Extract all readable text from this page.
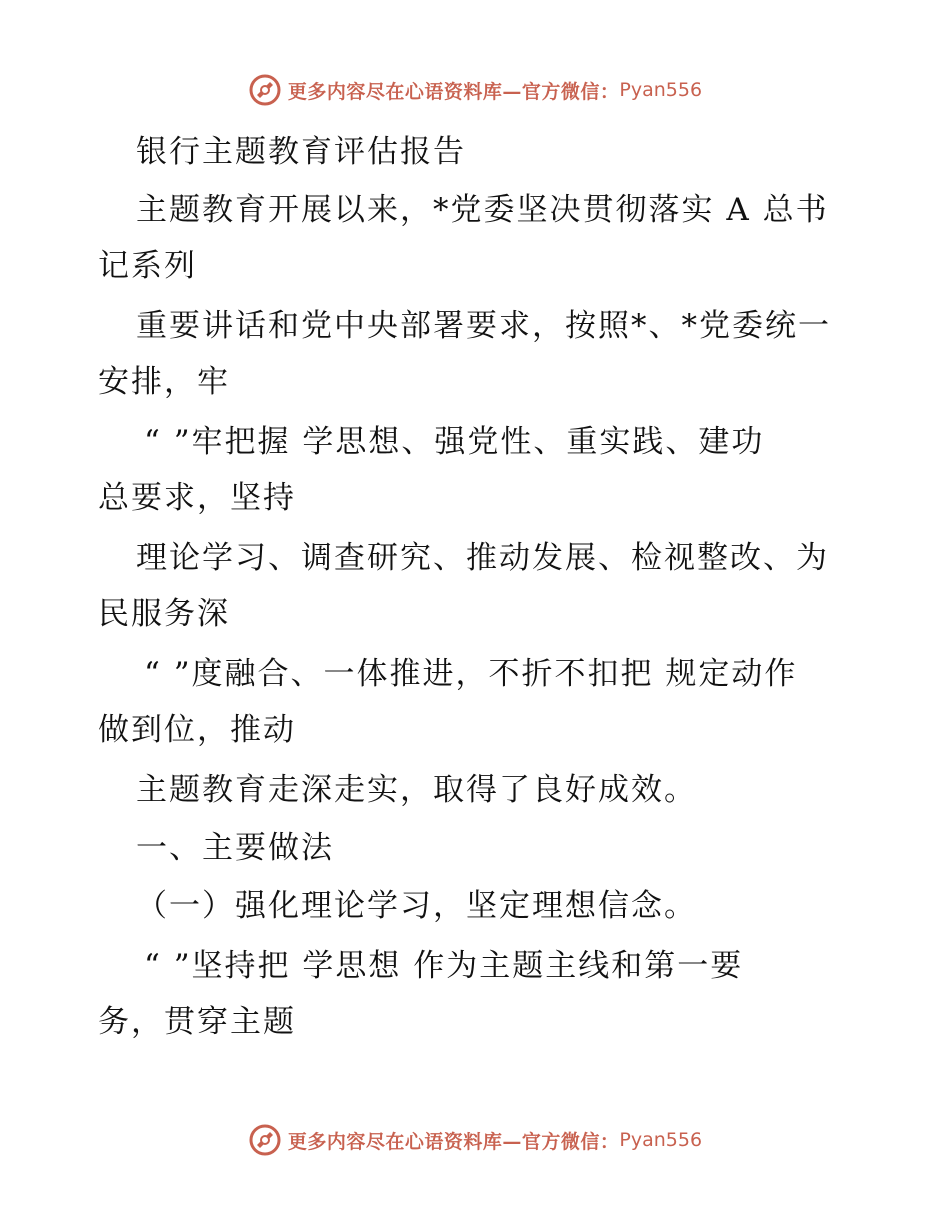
更多内容尽在心语资料库—官方微信： Pyan556
银行主题教育评估报告
主题教育开展以来，*党委坚决贯彻落实 A 总书
记系列
重要讲话和党中央部署要求，按照*、*党委统一
安排，牢
“ ”牢把握 学思想、强党性、重实践、建功
总要求，坚持
理论学习、调查研究、推动发展、检视整改、为
民服务深
“ ”度融合、一体推进，不折不扣把 规定动作
做到位，推动
主题教育走深走实，取得了良好成效。
一、主要做法
（一）强化理论学习，坚定理想信念。
“ ”坚持把 学思想 作为主题主线和第一要
务，贯穿主题
更多内容尽在心语资料库—官方微信： Pyan556
